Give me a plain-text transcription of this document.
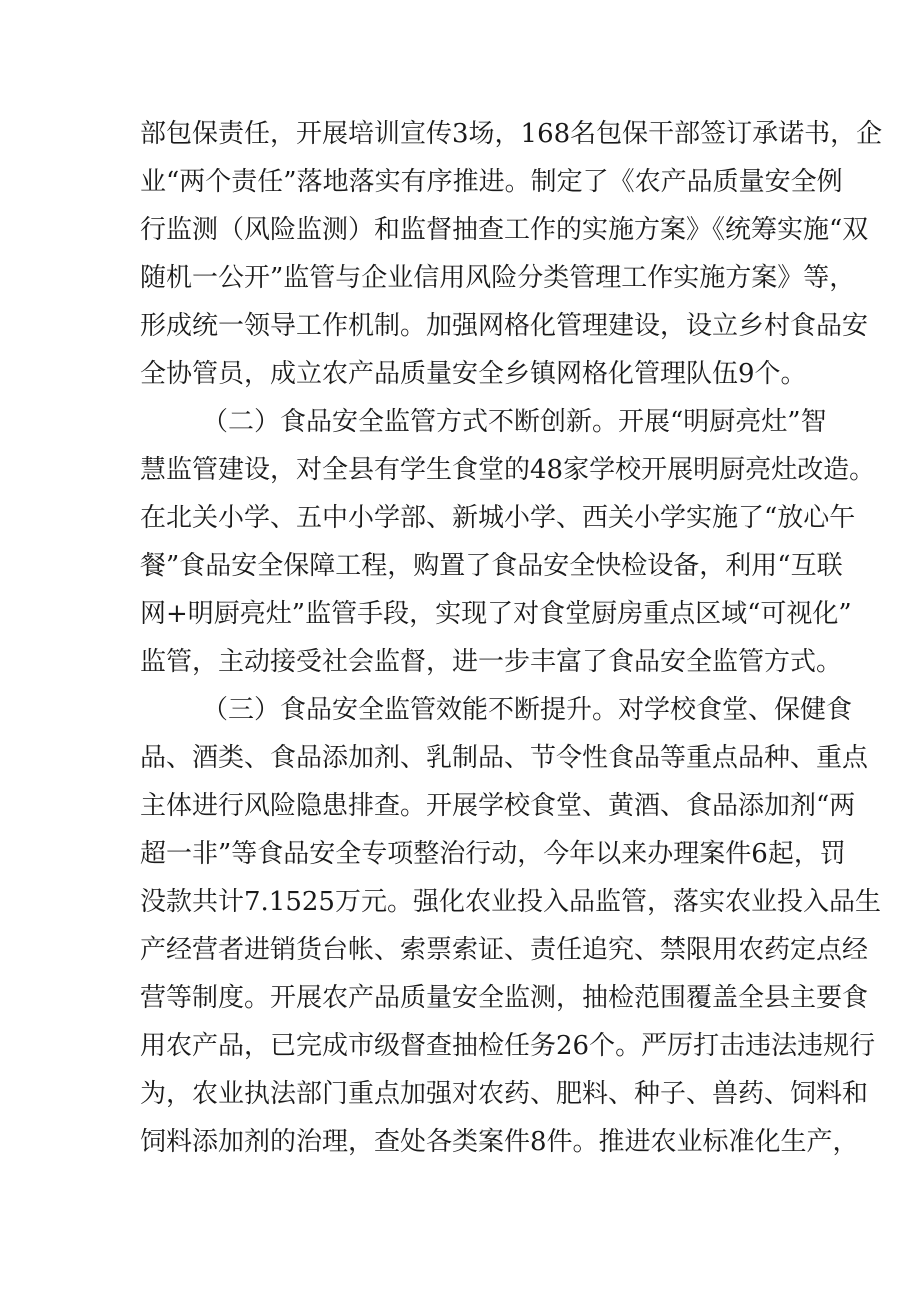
部包保责任，开展培训宣传3场，168名包保干部签订承诺书，企
业“两个责任”落地落实有序推进。制定了《农产品质量安全例
行监测（风险监测）和监督抽查工作的实施方案》《统筹实施“双
随机一公开”监管与企业信用风险分类管理工作实施方案》等，
形成统一领导工作机制。加强网格化管理建设，设立乡村食品安
全协管员，成立农产品质量安全乡镇网格化管理队伍9个。
（二）食品安全监管方式不断创新。开展“明厨亮灶”智
慧监管建设，对全县有学生食堂的48家学校开展明厨亮灶改造。
在北关小学、五中小学部、新城小学、西关小学实施了“放心午
餐”食品安全保障工程，购置了食品安全快检设备，利用“互联
网+明厨亮灶”监管手段，实现了对食堂厨房重点区域“可视化”
监管，主动接受社会监督，进一步丰富了食品安全监管方式。
（三）食品安全监管效能不断提升。对学校食堂、保健食
品、酒类、食品添加剂、乳制品、节令性食品等重点品种、重点
主体进行风险隐患排查。开展学校食堂、黄酒、食品添加剂“两
超一非”等食品安全专项整治行动，今年以来办理案件6起，罚
没款共计7.1525万元。强化农业投入品监管，落实农业投入品生
产经营者进销货台帐、索票索证、责任追究、禁限用农药定点经
营等制度。开展农产品质量安全监测，抽检范围覆盖全县主要食
用农产品，已完成市级督查抽检任务26个。严厉打击违法违规行
为，农业执法部门重点加强对农药、肥料、种子、兽药、饲料和
饲料添加剂的治理，查处各类案件8件。推进农业标准化生产，
